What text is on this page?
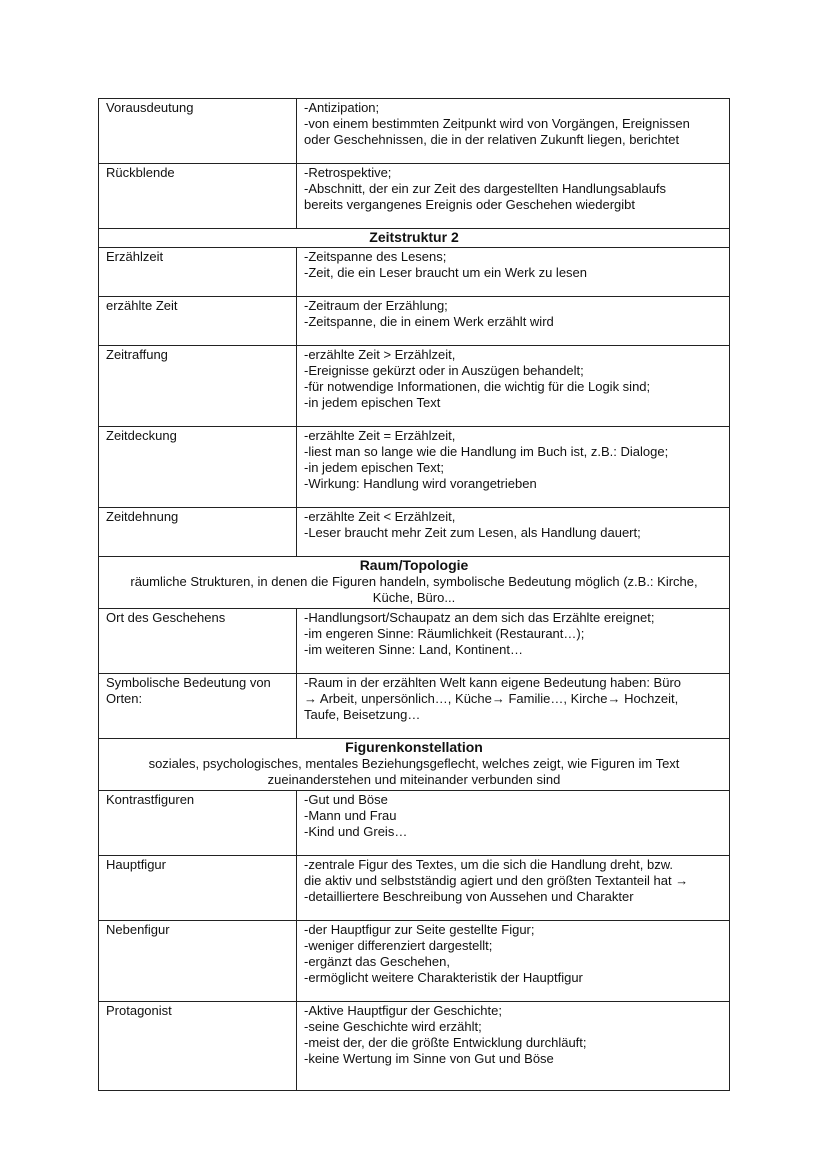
Vorausdeutung	-Antizipation;
-von einem bestimmten Zeitpunkt wird von Vorgängen, Ereignissen
oder Geschehnissen, die in der relativen Zukunft liegen, berichtet

Rückblende	-Retrospektive;
-Abschnitt, der ein zur Zeit des dargestellten Handlungsablaufs
bereits vergangenes Ereignis oder Geschehen wiedergibt

Zeitstruktur 2	

Erzählzeit	-Zeitspanne des Lesens;
-Zeit, die ein Leser braucht um ein Werk zu lesen

erzählte Zeit	-Zeitraum der Erzählung;
-Zeitspanne, die in einem Werk erzählt wird

Zeitraffung	-erzählte Zeit > Erzählzeit,
-Ereignisse gekürzt oder in Auszügen behandelt;
-für notwendige Informationen, die wichtig für die Logik sind;
-in jedem epischen Text

Zeitdeckung	-erzählte Zeit = Erzählzeit,
-liest man so lange wie die Handlung im Buch ist, z.B.: Dialoge;
-in jedem epischen Text;
-Wirkung: Handlung wird vorangetrieben

Zeitdehnung	-erzählte Zeit < Erzählzeit,
-Leser braucht mehr Zeit zum Lesen, als Handlung dauert;

Raum/Topologie
räumliche Strukturen, in denen die Figuren handeln, symbolische Bedeutung möglich (z.B.: Kirche,
Küche, Büro...	

Ort des Geschehens	-Handlungsort/Schaupatz an dem sich das Erzählte ereignet;
-im engeren Sinne: Räumlichkeit (Restaurant…);
-im weiteren Sinne: Land, Kontinent…

Symbolische Bedeutung von Orten:	-Raum in der erzählten Welt kann eigene Bedeutung haben: Büro
→ Arbeit, unpersönlich…, Küche→ Familie…, Kirche→ Hochzeit,
Taufe, Beisetzung…

Figurenkonstellation
soziales, psychologisches, mentales Beziehungsgeflecht, welches zeigt, wie Figuren im Text
zueinanderstehen und miteinander verbunden sind	

Kontrastfiguren	-Gut und Böse
-Mann und Frau
-Kind und Greis…

Hauptfigur	-zentrale Figur des Textes, um die sich die Handlung dreht, bzw.
die aktiv und selbstständig agiert und den größten Textanteil hat →
-detailliertere Beschreibung von Aussehen und Charakter

Nebenfigur	-der Hauptfigur zur Seite gestellte Figur;
-weniger differenziert dargestellt;
-ergänzt das Geschehen,
-ermöglicht weitere Charakteristik der Hauptfigur

Protagonist	-Aktive Hauptfigur der Geschichte;
-seine Geschichte wird erzählt;
-meist der, der die größte Entwicklung durchläuft;
-keine Wertung im Sinne von Gut und Böse
